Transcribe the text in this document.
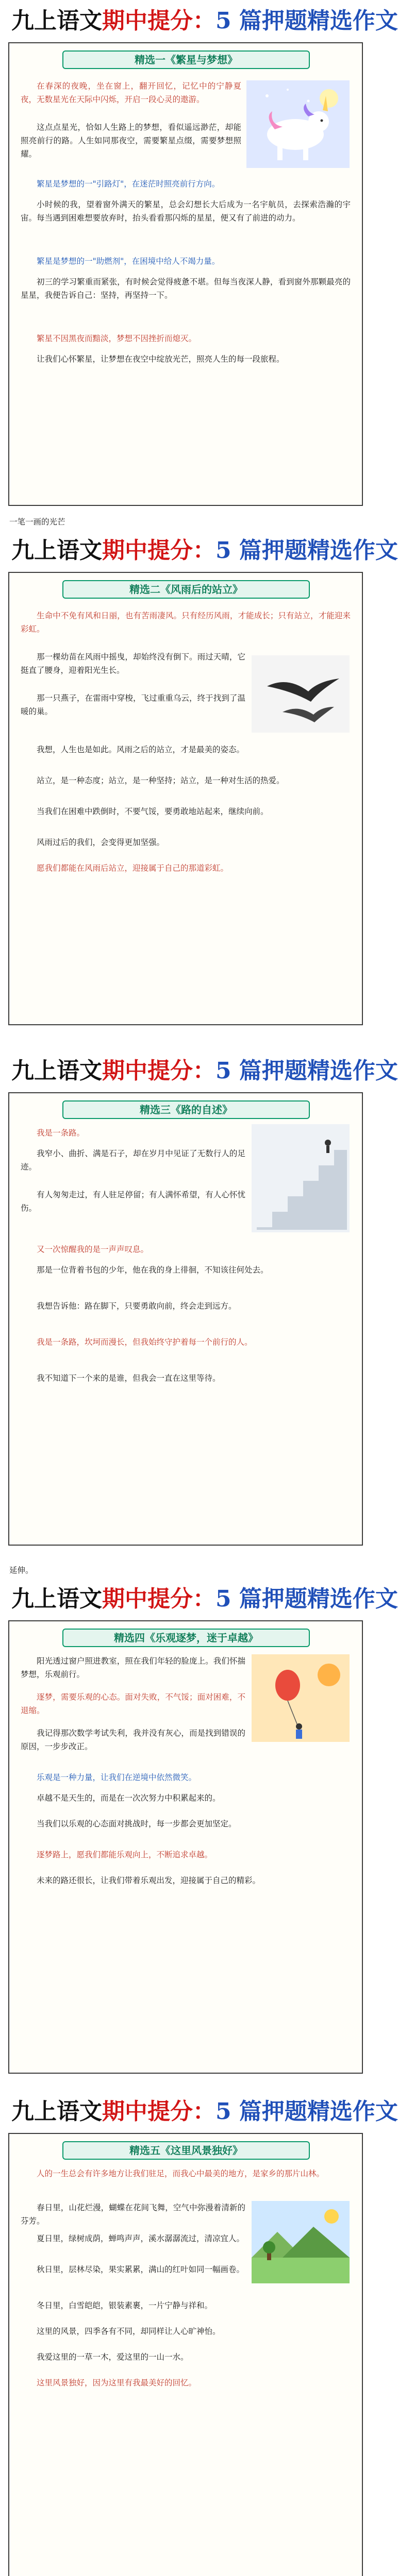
九上语文期中提分：5 篇押题精选作文
精选一《繁星与梦想》
在春深的夜晚，坐在窗上，翻开回忆，记忆中的宁静夏夜，无数星光在天际中闪烁，开启一段心灵的遨游。
这点点星光，恰如人生路上的梦想，看似遥远渺茫，却能照亮前行的路。人生如同那夜空，需要繁星点缀，需要梦想照耀。
繁星是梦想的一"引路灯"，在迷茫时照亮前行方向。
小时候的我，望着窗外满天的繁星，总会幻想长大后成为一名宇航员，去探索浩瀚的宇宙。每当遇到困难想要放弃时，抬头看看那闪烁的星星，便又有了前进的动力。
繁星是梦想的一"助燃剂"，在困境中给人不竭力量。
初三的学习繁重而紧张，有时候会觉得疲惫不堪。但每当夜深人静，看到窗外那颗最亮的星星，我便告诉自己：坚持，再坚持一下。
繁星不因黑夜而黯淡，梦想不因挫折而熄灭。
让我们心怀繁星，让梦想在夜空中绽放光芒，照亮人生的每一段旅程。
一笔一画的光芒
九上语文期中提分：5 篇押题精选作文
精选二《风雨后的站立》
生命中不免有风和日丽，也有苦雨凄风。只有经历风雨，才能成长；只有站立，才能迎来彩虹。
那一棵幼苗在风雨中摇曳，却始终没有倒下。雨过天晴，它挺直了腰身，迎着阳光生长。
那一只燕子，在雷雨中穿梭，飞过重重乌云，终于找到了温暖的巢。
我想，人生也是如此。风雨之后的站立，才是最美的姿态。
站立，是一种态度；站立，是一种坚持；站立，是一种对生活的热爱。
当我们在困难中跌倒时，不要气馁，要勇敢地站起来，继续向前。
风雨过后的我们，会变得更加坚强。
愿我们都能在风雨后站立，迎接属于自己的那道彩虹。
九上语文期中提分：5 篇押题精选作文
精选三《路的自述》
我是一条路。
我窄小、曲折、满是石子，却在岁月中见证了无数行人的足迹。
有人匆匆走过，有人驻足停留；有人满怀希望，有人心怀忧伤。
又一次惊醒我的是一声声叹息。
那是一位背着书包的少年，他在我的身上徘徊，不知该往何处去。
我想告诉他：路在脚下，只要勇敢向前，终会走到远方。
我是一条路，坎坷而漫长，但我始终守护着每一个前行的人。
我不知道下一个来的是谁，但我会一直在这里等待。
延伸。
九上语文期中提分：5 篇押题精选作文
精选四《乐观逐梦，迷于卓越》
阳光透过窗户照进教室，照在我们年轻的脸庞上。我们怀揣梦想，乐观前行。
逐梦，需要乐观的心态。面对失败，不气馁；面对困难，不退缩。
我记得那次数学考试失利，我并没有灰心，而是找到错误的原因，一步步改正。
乐观是一种力量，让我们在逆境中依然微笑。
卓越不是天生的，而是在一次次努力中积累起来的。
当我们以乐观的心态面对挑战时，每一步都会更加坚定。
逐梦路上，愿我们都能乐观向上，不断追求卓越。
未来的路还很长，让我们带着乐观出发，迎接属于自己的精彩。
九上语文期中提分：5 篇押题精选作文
精选五《这里风景独好》
人的一生总会有许多地方让我们驻足，而我心中最美的地方，是家乡的那片山林。
春日里，山花烂漫，蝴蝶在花间飞舞，空气中弥漫着清新的芬芳。
夏日里，绿树成荫，蝉鸣声声，溪水潺潺流过，清凉宜人。
秋日里，层林尽染，果实累累，满山的红叶如同一幅画卷。
冬日里，白雪皑皑，银装素裹，一片宁静与祥和。
这里的风景，四季各有不同，却同样让人心旷神怡。
我爱这里的一草一木，爱这里的一山一水。
这里风景独好，因为这里有我最美好的回忆。
